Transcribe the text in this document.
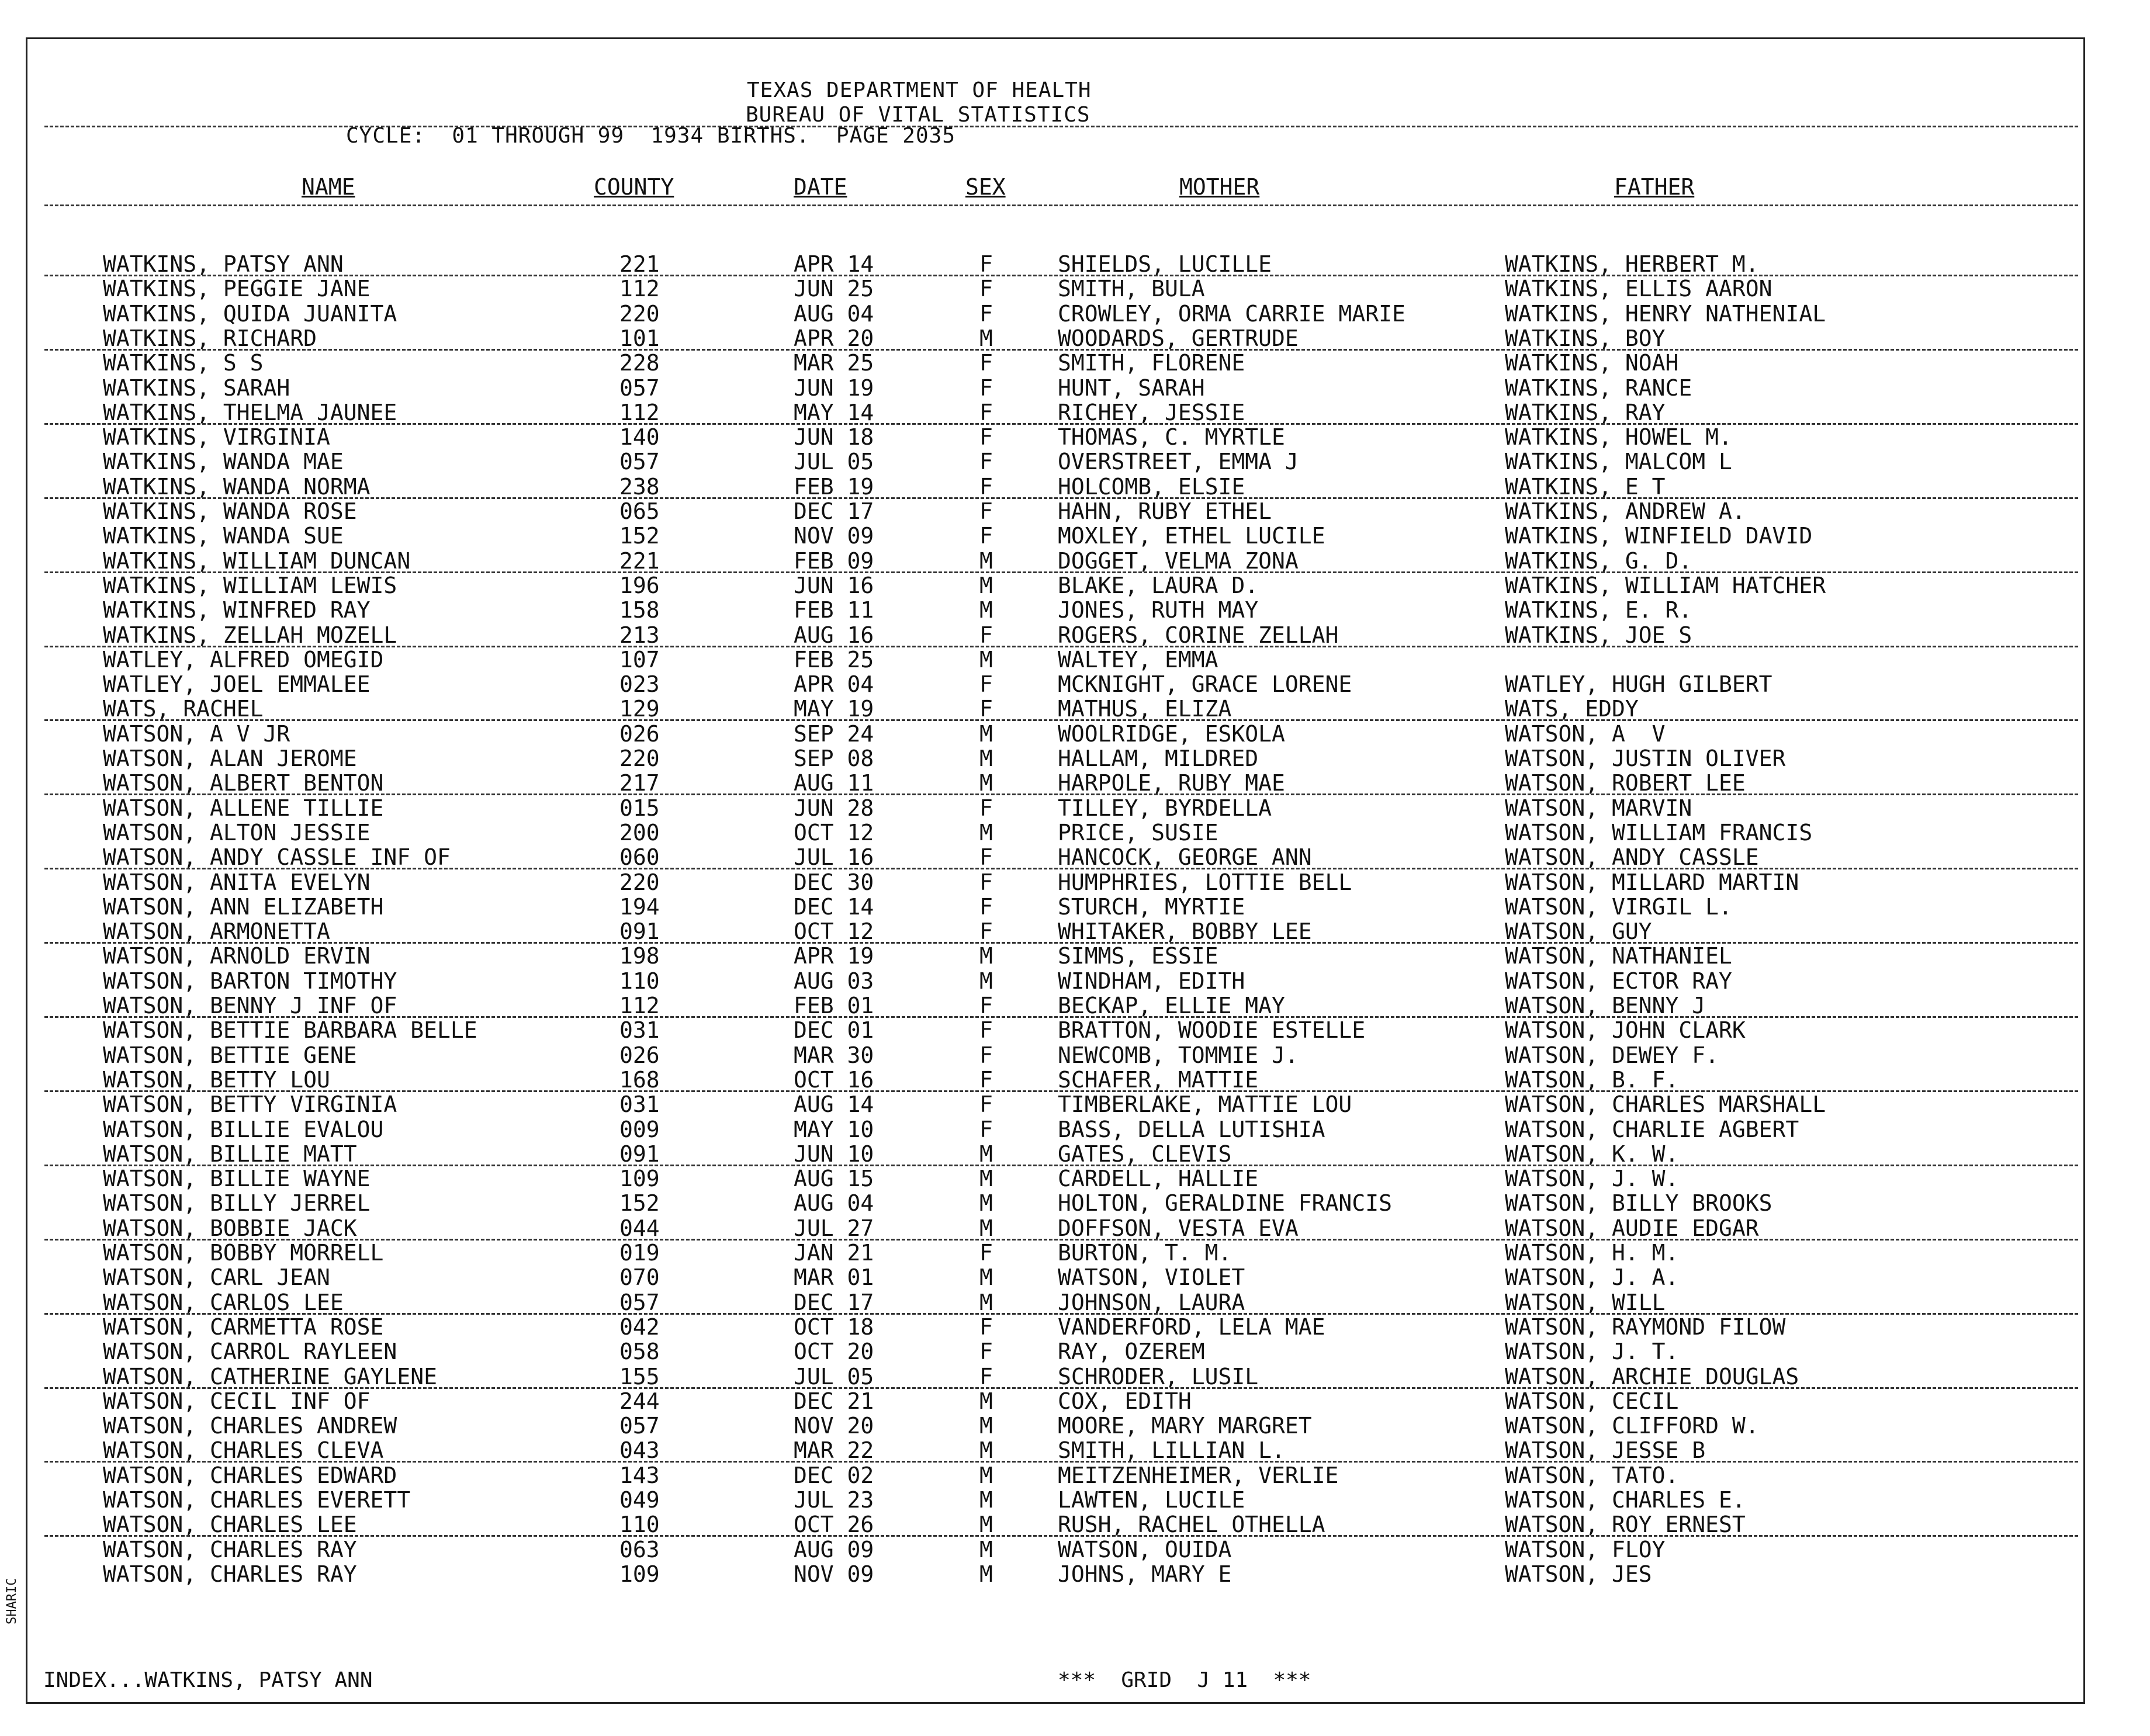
SHARIC
TEXAS DEPARTMENT OF HEALTH
BUREAU OF VITAL STATISTICS
CYCLE:  01 THROUGH 99  1934 BIRTHS.  PAGE 2035
NAME	COUNTY	DATE	SEX	MOTHER	FATHER
WATKINS, PATSY ANN	221	APR 14	F	SHIELDS, LUCILLE	WATKINS, HERBERT M.
WATKINS, PEGGIE JANE	112	JUN 25	F	SMITH, BULA	WATKINS, ELLIS AARON
WATKINS, QUIDA JUANITA	220	AUG 04	F	CROWLEY, ORMA CARRIE MARIE	WATKINS, HENRY NATHENIAL
WATKINS, RICHARD	101	APR 20	M	WOODARDS, GERTRUDE	WATKINS, BOY
WATKINS, S S	228	MAR 25	F	SMITH, FLORENE	WATKINS, NOAH
WATKINS, SARAH	057	JUN 19	F	HUNT, SARAH	WATKINS, RANCE
WATKINS, THELMA JAUNEE	112	MAY 14	F	RICHEY, JESSIE	WATKINS, RAY
WATKINS, VIRGINIA	140	JUN 18	F	THOMAS, C. MYRTLE	WATKINS, HOWEL M.
WATKINS, WANDA MAE	057	JUL 05	F	OVERSTREET, EMMA J	WATKINS, MALCOM L
WATKINS, WANDA NORMA	238	FEB 19	F	HOLCOMB, ELSIE	WATKINS, E T
WATKINS, WANDA ROSE	065	DEC 17	F	HAHN, RUBY ETHEL	WATKINS, ANDREW A.
WATKINS, WANDA SUE	152	NOV 09	F	MOXLEY, ETHEL LUCILE	WATKINS, WINFIELD DAVID
WATKINS, WILLIAM DUNCAN	221	FEB 09	M	DOGGET, VELMA ZONA	WATKINS, G. D.
WATKINS, WILLIAM LEWIS	196	JUN 16	M	BLAKE, LAURA D.	WATKINS, WILLIAM HATCHER
WATKINS, WINFRED RAY	158	FEB 11	M	JONES, RUTH MAY	WATKINS, E. R.
WATKINS, ZELLAH MOZELL	213	AUG 16	F	ROGERS, CORINE ZELLAH	WATKINS, JOE S
WATLEY, ALFRED OMEGID	107	FEB 25	M	WALTEY, EMMA
WATLEY, JOEL EMMALEE	023	APR 04	F	MCKNIGHT, GRACE LORENE	WATLEY, HUGH GILBERT
WATS, RACHEL	129	MAY 19	F	MATHUS, ELIZA	WATS, EDDY
WATSON, A V JR	026	SEP 24	M	WOOLRIDGE, ESKOLA	WATSON, A  V
WATSON, ALAN JEROME	220	SEP 08	M	HALLAM, MILDRED	WATSON, JUSTIN OLIVER
WATSON, ALBERT BENTON	217	AUG 11	M	HARPOLE, RUBY MAE	WATSON, ROBERT LEE
WATSON, ALLENE TILLIE	015	JUN 28	F	TILLEY, BYRDELLA	WATSON, MARVIN
WATSON, ALTON JESSIE	200	OCT 12	M	PRICE, SUSIE	WATSON, WILLIAM FRANCIS
WATSON, ANDY CASSLE INF OF	060	JUL 16	F	HANCOCK, GEORGE ANN	WATSON, ANDY CASSLE
WATSON, ANITA EVELYN	220	DEC 30	F	HUMPHRIES, LOTTIE BELL	WATSON, MILLARD MARTIN
WATSON, ANN ELIZABETH	194	DEC 14	F	STURCH, MYRTIE	WATSON, VIRGIL L.
WATSON, ARMONETTA	091	OCT 12	F	WHITAKER, BOBBY LEE	WATSON, GUY
WATSON, ARNOLD ERVIN	198	APR 19	M	SIMMS, ESSIE	WATSON, NATHANIEL
WATSON, BARTON TIMOTHY	110	AUG 03	M	WINDHAM, EDITH	WATSON, ECTOR RAY
WATSON, BENNY J INF OF	112	FEB 01	F	BECKAP, ELLIE MAY	WATSON, BENNY J
WATSON, BETTIE BARBARA BELLE	031	DEC 01	F	BRATTON, WOODIE ESTELLE	WATSON, JOHN CLARK
WATSON, BETTIE GENE	026	MAR 30	F	NEWCOMB, TOMMIE J.	WATSON, DEWEY F.
WATSON, BETTY LOU	168	OCT 16	F	SCHAFER, MATTIE	WATSON, B. F.
WATSON, BETTY VIRGINIA	031	AUG 14	F	TIMBERLAKE, MATTIE LOU	WATSON, CHARLES MARSHALL
WATSON, BILLIE EVALOU	009	MAY 10	F	BASS, DELLA LUTISHIA	WATSON, CHARLIE AGBERT
WATSON, BILLIE MATT	091	JUN 10	M	GATES, CLEVIS	WATSON, K. W.
WATSON, BILLIE WAYNE	109	AUG 15	M	CARDELL, HALLIE	WATSON, J. W.
WATSON, BILLY JERREL	152	AUG 04	M	HOLTON, GERALDINE FRANCIS	WATSON, BILLY BROOKS
WATSON, BOBBIE JACK	044	JUL 27	M	DOFFSON, VESTA EVA	WATSON, AUDIE EDGAR
WATSON, BOBBY MORRELL	019	JAN 21	F	BURTON, T. M.	WATSON, H. M.
WATSON, CARL JEAN	070	MAR 01	M	WATSON, VIOLET	WATSON, J. A.
WATSON, CARLOS LEE	057	DEC 17	M	JOHNSON, LAURA	WATSON, WILL
WATSON, CARMETTA ROSE	042	OCT 18	F	VANDERFORD, LELA MAE	WATSON, RAYMOND FILOW
WATSON, CARROL RAYLEEN	058	OCT 20	F	RAY, OZEREM	WATSON, J. T.
WATSON, CATHERINE GAYLENE	155	JUL 05	F	SCHRODER, LUSIL	WATSON, ARCHIE DOUGLAS
WATSON, CECIL INF OF	244	DEC 21	M	COX, EDITH	WATSON, CECIL
WATSON, CHARLES ANDREW	057	NOV 20	M	MOORE, MARY MARGRET	WATSON, CLIFFORD W.
WATSON, CHARLES CLEVA	043	MAR 22	M	SMITH, LILLIAN L.	WATSON, JESSE B
WATSON, CHARLES EDWARD	143	DEC 02	M	MEITZENHEIMER, VERLIE	WATSON, TATO.
WATSON, CHARLES EVERETT	049	JUL 23	M	LAWTEN, LUCILE	WATSON, CHARLES E.
WATSON, CHARLES LEE	110	OCT 26	M	RUSH, RACHEL OTHELLA	WATSON, ROY ERNEST
WATSON, CHARLES RAY	063	AUG 09	M	WATSON, OUIDA	WATSON, FLOY
WATSON, CHARLES RAY	109	NOV 09	M	JOHNS, MARY E	WATSON, JES
INDEX...WATKINS, PATSY ANN	***  GRID  J 11  ***
